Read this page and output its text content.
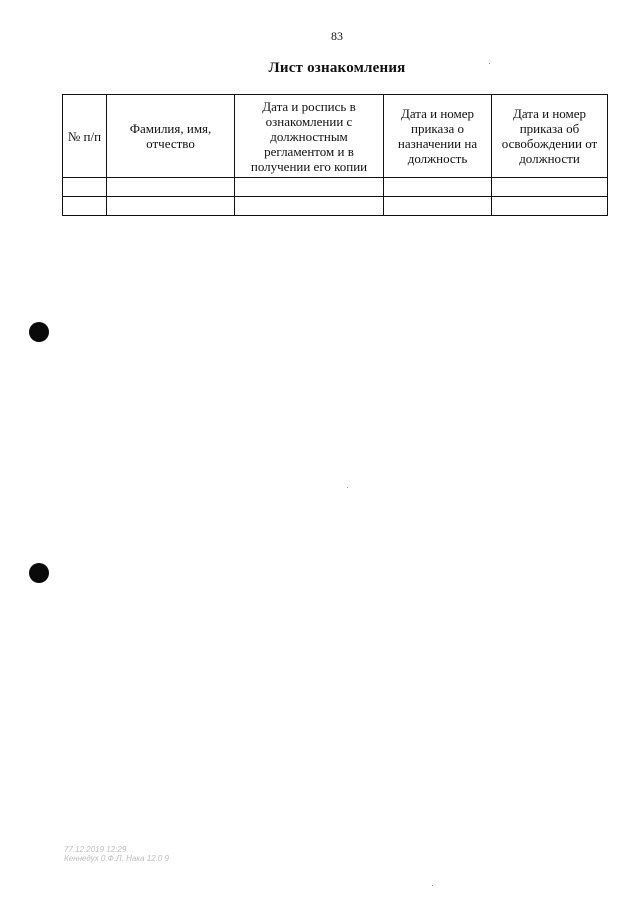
83
Лист ознакомления
№ п/п	Фамилия, имя, отчество	Дата и роспись в ознакомлении с должностным регламентом и в получении его копии	Дата и номер приказа о назначении на должность	Дата и номер приказа об освобождении от должности

77.12.2019 12:29
Кеннедух 0.Ф.Л. Нака 12.0 9
